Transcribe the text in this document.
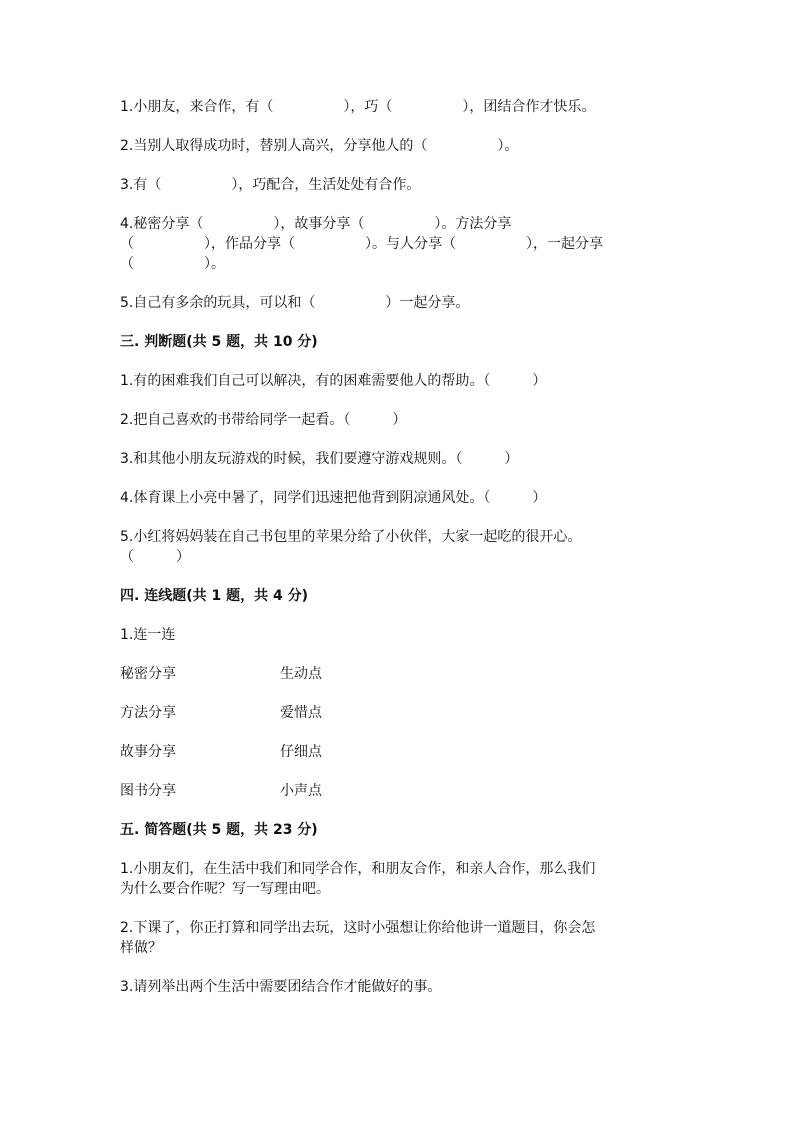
1.小朋友，来合作，有（　　　　　），巧（　　　　　），团结合作才快乐。

2.当别人取得成功时，替别人高兴，分享他人的（　　　　　）。

3.有（　　　　　），巧配合，生活处处有合作。

4.秘密分享（　　　　　），故事分享（　　　　　）。方法分享

（　　　　　），作品分享（　　　　　）。与人分享（　　　　　），一起分享

（　　　　　）。

5.自己有多余的玩具，可以和（　　　　　）一起分享。

三. 判断题(共 5 题，共 10 分)

1.有的困难我们自己可以解决，有的困难需要他人的帮助。（　　　）

2.把自己喜欢的书带给同学一起看。（　　　）

3.和其他小朋友玩游戏的时候，我们要遵守游戏规则。（　　　）

4.体育课上小亮中暑了，同学们迅速把他背到阴凉通风处。（　　　）

5.小红将妈妈装在自己书包里的苹果分给了小伙伴，大家一起吃的很开心。

（　　　）

四. 连线题(共 1 题，共 4 分)

1.连一连

秘密分享	生动点
方法分享	爱惜点
故事分享	仔细点
图书分享	小声点

五. 简答题(共 5 题，共 23 分)

1.小朋友们，在生活中我们和同学合作，和朋友合作，和亲人合作，那么我们

为什么要合作呢？写一写理由吧。

2.下课了，你正打算和同学出去玩，这时小强想让你给他讲一道题目，你会怎

样做？

3.请列举出两个生活中需要团结合作才能做好的事。
